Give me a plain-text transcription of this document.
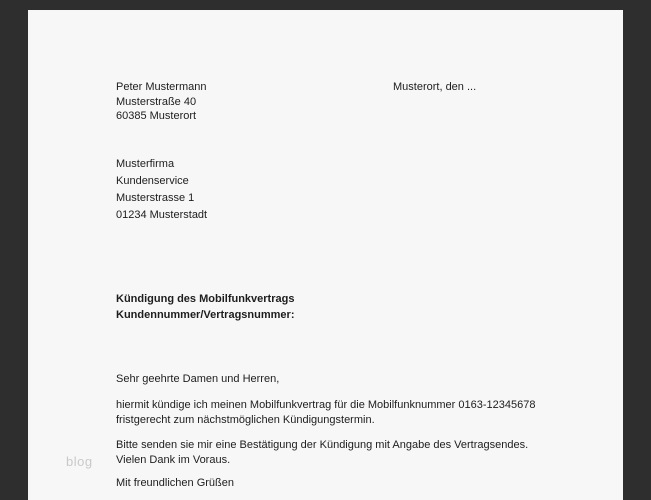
Peter Mustermann
Musterstraße 40
60385 Musterort
Musterort, den ...
Musterfirma
Kundenservice
Musterstrasse 1
01234 Musterstadt
Kündigung des Mobilfunkvertrags
Kundennummer/Vertragsnummer:
Sehr geehrte Damen und Herren,
hiermit kündige ich meinen Mobilfunkvertrag für die Mobilfunknummer 0163-12345678 fristgerecht zum nächstmöglichen Kündigungstermin.
Bitte senden sie mir eine Bestätigung der Kündigung mit Angabe des Vertragsendes. Vielen Dank im Voraus.
Mit freundlichen Grüßen
blog
